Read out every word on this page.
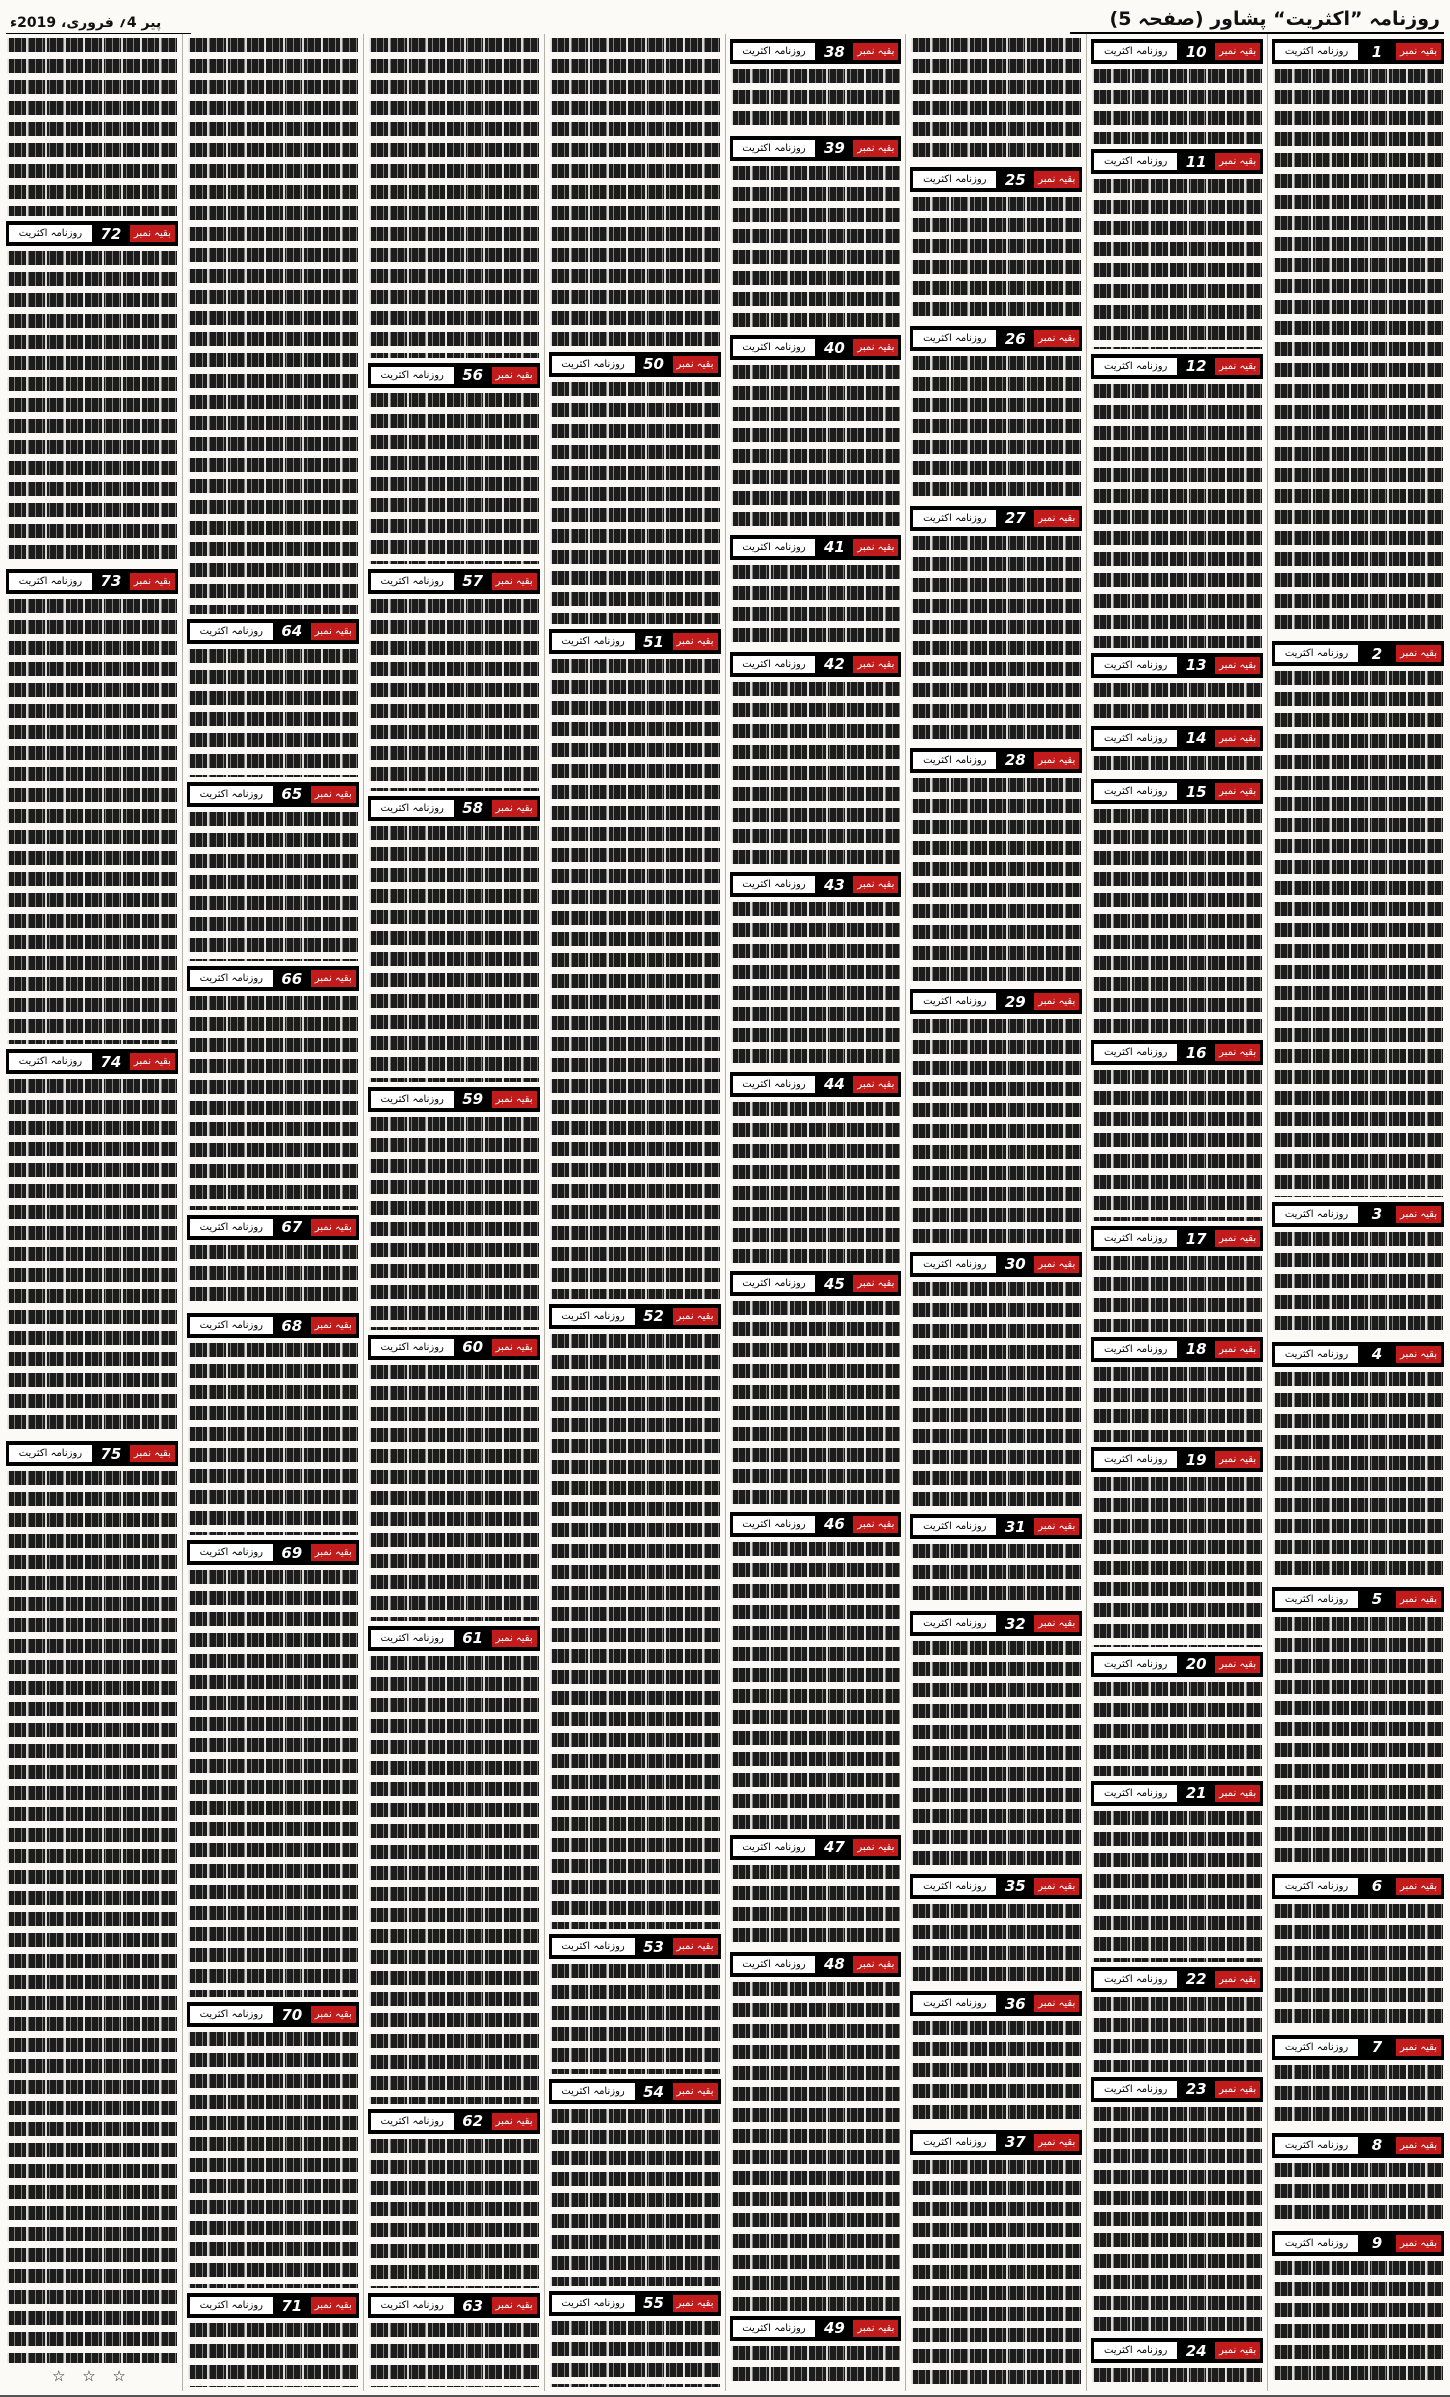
روزنامہ ”اکثریت“ پشاور (صفحہ 5)
پیر 4؍ فروری، 2019ء
بقیہ نمبر
1
روزنامہ اکثریت
بقیہ نمبر
2
روزنامہ اکثریت
بقیہ نمبر
3
روزنامہ اکثریت
بقیہ نمبر
4
روزنامہ اکثریت
بقیہ نمبر
5
روزنامہ اکثریت
بقیہ نمبر
6
روزنامہ اکثریت
بقیہ نمبر
7
روزنامہ اکثریت
بقیہ نمبر
8
روزنامہ اکثریت
بقیہ نمبر
9
روزنامہ اکثریت
بقیہ نمبر
10
روزنامہ اکثریت
بقیہ نمبر
11
روزنامہ اکثریت
بقیہ نمبر
12
روزنامہ اکثریت
بقیہ نمبر
13
روزنامہ اکثریت
بقیہ نمبر
14
روزنامہ اکثریت
بقیہ نمبر
15
روزنامہ اکثریت
بقیہ نمبر
16
روزنامہ اکثریت
بقیہ نمبر
17
روزنامہ اکثریت
بقیہ نمبر
18
روزنامہ اکثریت
بقیہ نمبر
19
روزنامہ اکثریت
بقیہ نمبر
20
روزنامہ اکثریت
بقیہ نمبر
21
روزنامہ اکثریت
بقیہ نمبر
22
روزنامہ اکثریت
بقیہ نمبر
23
روزنامہ اکثریت
بقیہ نمبر
24
روزنامہ اکثریت
بقیہ نمبر
25
روزنامہ اکثریت
بقیہ نمبر
26
روزنامہ اکثریت
بقیہ نمبر
27
روزنامہ اکثریت
بقیہ نمبر
28
روزنامہ اکثریت
بقیہ نمبر
29
روزنامہ اکثریت
بقیہ نمبر
30
روزنامہ اکثریت
بقیہ نمبر
31
روزنامہ اکثریت
بقیہ نمبر
32
روزنامہ اکثریت
بقیہ نمبر
35
روزنامہ اکثریت
بقیہ نمبر
36
روزنامہ اکثریت
بقیہ نمبر
37
روزنامہ اکثریت
بقیہ نمبر
38
روزنامہ اکثریت
بقیہ نمبر
39
روزنامہ اکثریت
بقیہ نمبر
40
روزنامہ اکثریت
بقیہ نمبر
41
روزنامہ اکثریت
بقیہ نمبر
42
روزنامہ اکثریت
بقیہ نمبر
43
روزنامہ اکثریت
بقیہ نمبر
44
روزنامہ اکثریت
بقیہ نمبر
45
روزنامہ اکثریت
بقیہ نمبر
46
روزنامہ اکثریت
بقیہ نمبر
47
روزنامہ اکثریت
بقیہ نمبر
48
روزنامہ اکثریت
بقیہ نمبر
49
روزنامہ اکثریت
بقیہ نمبر
50
روزنامہ اکثریت
بقیہ نمبر
51
روزنامہ اکثریت
بقیہ نمبر
52
روزنامہ اکثریت
بقیہ نمبر
53
روزنامہ اکثریت
بقیہ نمبر
54
روزنامہ اکثریت
بقیہ نمبر
55
روزنامہ اکثریت
بقیہ نمبر
56
روزنامہ اکثریت
بقیہ نمبر
57
روزنامہ اکثریت
بقیہ نمبر
58
روزنامہ اکثریت
بقیہ نمبر
59
روزنامہ اکثریت
بقیہ نمبر
60
روزنامہ اکثریت
بقیہ نمبر
61
روزنامہ اکثریت
بقیہ نمبر
62
روزنامہ اکثریت
بقیہ نمبر
63
روزنامہ اکثریت
بقیہ نمبر
64
روزنامہ اکثریت
بقیہ نمبر
65
روزنامہ اکثریت
بقیہ نمبر
66
روزنامہ اکثریت
بقیہ نمبر
67
روزنامہ اکثریت
بقیہ نمبر
68
روزنامہ اکثریت
بقیہ نمبر
69
روزنامہ اکثریت
بقیہ نمبر
70
روزنامہ اکثریت
بقیہ نمبر
71
روزنامہ اکثریت
بقیہ نمبر
72
روزنامہ اکثریت
بقیہ نمبر
73
روزنامہ اکثریت
بقیہ نمبر
74
روزنامہ اکثریت
بقیہ نمبر
75
روزنامہ اکثریت
☆ ☆ ☆
